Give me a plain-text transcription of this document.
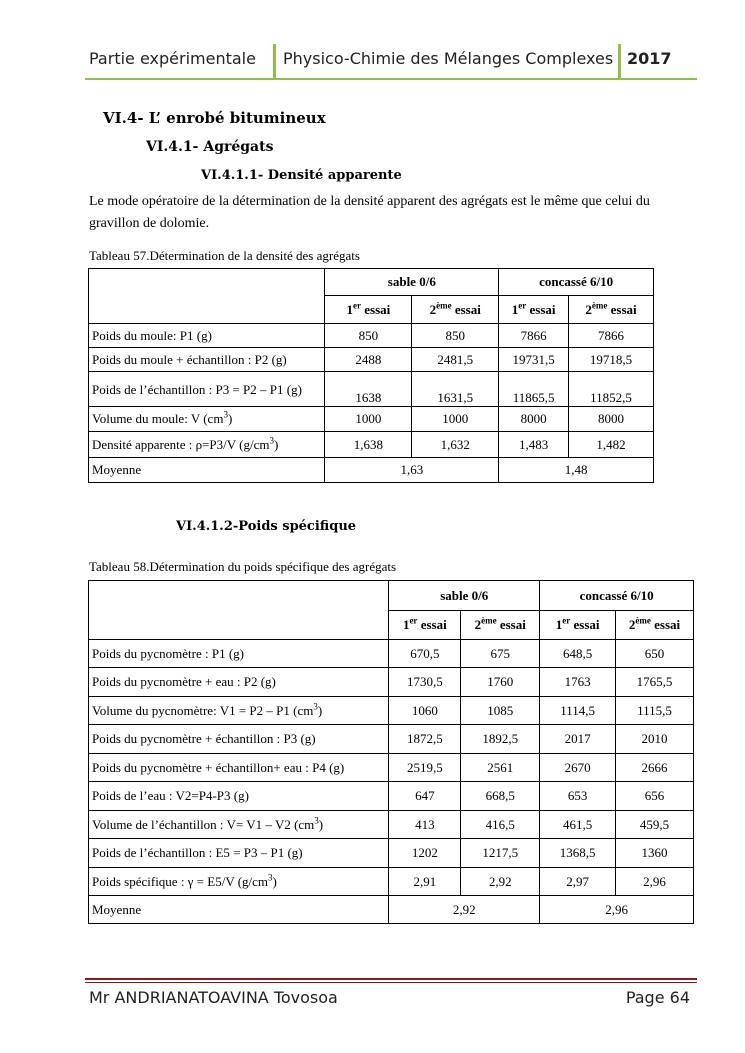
Partie expérimentale Physico-Chimie des Mélanges Complexes 2017
VI.4- L’ enrobé bitumineux
VI.4.1- Agrégats
VI.4.1.1- Densité apparente
Le mode opératoire de la détermination de la densité apparent des agrégats est le même que celui du
gravillon de dolomie.
Tableau 57.Détermination de la densité des agrégats
	sable 0/6		concassé 6/10	
	1er essai	2ème essai	1er essai	2ème essai
Poids du moule: P1 (g)	850	850	7866	7866
Poids du moule + échantillon : P2 (g)	2488	2481,5	19731,5	19718,5
Poids de l’échantillon : P3 = P2 – P1 (g)	1638	1631,5	11865,5	11852,5
Volume du moule: V $(cm^3)$	1000	1000	8000	8000
Densité apparente : ρ=P3/V $(g/cm^3)$	1,638	1,632	1,483	1,482
Moyenne	1,63		1,48	
VI.4.1.2-Poids spécifique
Tableau 58.Détermination du poids spécifique des agrégats
	sable 0/6		concassé 6/10	
	1er essai	2ème essai	1er essai	2ème essai
Poids du pycnomètre : P1 (g)	670,5	675	648,5	650
Poids du pycnomètre + eau : P2 (g)	1730,5	1760	1763	1765,5
Volume du pycnomètre: V1 = P2 – P1 $(cm^3)$	1060	1085	1114,5	1115,5
Poids du pycnomètre + échantillon : P3 (g)	1872,5	1892,5	2017	2010
Poids du pycnomètre + échantillon+ eau : P4 (g)	2519,5	2561	2670	2666
Poids de l’eau : V2=P4-P3 (g)	647	668,5	653	656
Volume de l’échantillon : V= V1 – V2 $(cm^3)$	413	416,5	461,5	459,5
Poids de l’échantillon : E5 = P3 – P1 (g)	1202	1217,5	1368,5	1360
Poids spécifique : γ = E5/V $(g/cm^3)$	2,91	2,92	2,97	2,96
Moyenne	2,92		2,96	
Mr ANDRIANATOAVINA Tovosoa	Page 64
